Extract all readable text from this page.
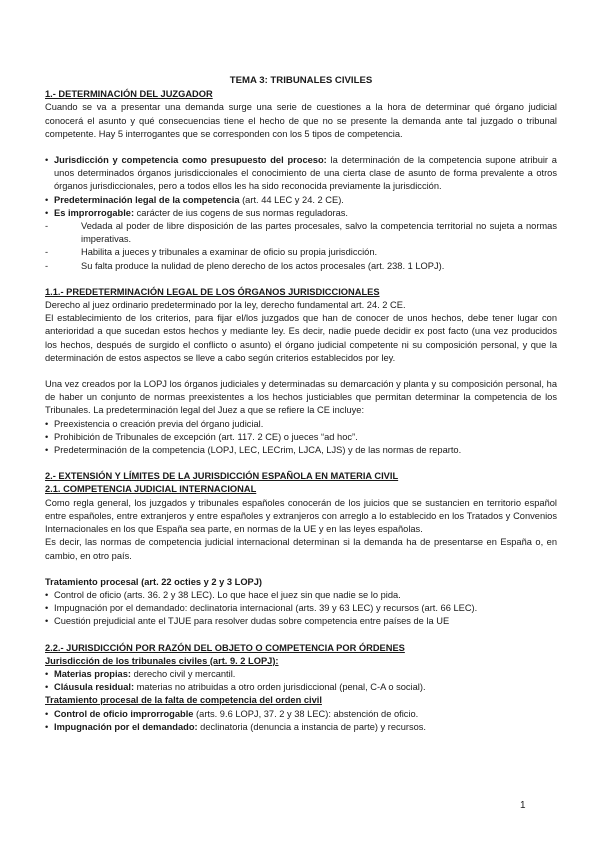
TEMA 3: TRIBUNALES CIVILES
1.- DETERMINACIÓN DEL JUZGADOR

Cuando se va a presentar una demanda surge una serie de cuestiones a la hora de determinar qué órgano judicial conocerá el asunto y qué consecuencias tiene el hecho de que no se presente la demanda ante tal juzgado o tribunal competente. Hay 5 interrogantes que se corresponden con los 5 tipos de competencia.

• Jurisdicción y competencia como presupuesto del proceso: la determinación de la competencia supone atribuir a unos determinados órganos jurisdiccionales el conocimiento de una cierta clase de asunto de forma prevalente a otros órganos jurisdiccionales, pero a todos ellos les ha sido reconocida previamente la jurisdicción.
• Predeterminación legal de la competencia (art. 44 LEC y 24. 2 CE).
• Es improrrogable: carácter de ius cogens de sus normas reguladoras.
-	Vedada al poder de libre disposición de las partes procesales, salvo la competencia territorial no sujeta a normas imperativas.
-	Habilita a jueces y tribunales a examinar de oficio su propia jurisdicción.
-	Su falta produce la nulidad de pleno derecho de los actos procesales (art. 238. 1 LOPJ).
1.1.- PREDETERMINACIÓN LEGAL DE LOS ÓRGANOS JURISDICCIONALES

Derecho al juez ordinario predeterminado por la ley, derecho fundamental art. 24. 2 CE.

El establecimiento de los criterios, para fijar el/los juzgados que han de conocer de unos hechos, debe tener lugar con anterioridad a que sucedan estos hechos y mediante ley. Es decir, nadie puede decidir ex post facto (una vez producidos los hechos, después de surgido el conflicto o asunto) el órgano judicial competente ni su composición personal, y que la determinación de estos aspectos se lleve a cabo según criterios establecidos por ley.

Una vez creados por la LOPJ los órganos judiciales y determinadas su demarcación y planta y su composición personal, ha de haber un conjunto de normas preexistentes a los hechos justiciables que permitan determinar la competencia de los Tribunales. La predeterminación legal del Juez a que se refiere la CE incluye:

• Preexistencia o creación previa del órgano judicial.
• Prohibición de Tribunales de excepción (art. 117. 2 CE) o jueces “ad hoc”.
• Predeterminación de la competencia (LOPJ, LEC, LECrim, LJCA, LJS) y de las normas de reparto.
2.- EXTENSIÓN Y LÍMITES DE LA JURISDICCIÓN ESPAÑOLA EN MATERIA CIVIL
2.1. COMPETENCIA JUDICIAL INTERNACIONAL

Como regla general, los juzgados y tribunales españoles conocerán de los juicios que se sustancien en territorio español entre españoles, entre extranjeros y entre españoles y extranjeros con arreglo a lo establecido en los Tratados y Convenios Internacionales en los que España sea parte, en normas de la UE y en las leyes españolas.

Es decir, las normas de competencia judicial internacional determinan si la demanda ha de presentarse en España o, en cambio, en otro país.

Tratamiento procesal (art. 22 octies y 2 y 3 LOPJ)
• Control de oficio (arts. 36. 2 y 38 LEC). Lo que hace el juez sin que nadie se lo pida.
• Impugnación por el demandado: declinatoria internacional (arts. 39 y 63 LEC) y recursos (art. 66 LEC).
• Cuestión prejudicial ante el TJUE para resolver dudas sobre competencia entre países de la UE
2.2.- JURISDICCIÓN POR RAZÓN DEL OBJETO O COMPETENCIA POR ÓRDENES
Jurisdicción de los tribunales civiles (art. 9. 2 LOPJ):
• Materias propias: derecho civil y mercantil.
• Cláusula residual: materias no atribuidas a otro orden jurisdiccional (penal, C-A o social).
Tratamiento procesal de la falta de competencia del orden civil
• Control de oficio improrrogable (arts. 9.6 LOPJ, 37. 2 y 38 LEC): abstención de oficio.
• Impugnación por el demandado: declinatoria (denuncia a instancia de parte) y recursos.
1
